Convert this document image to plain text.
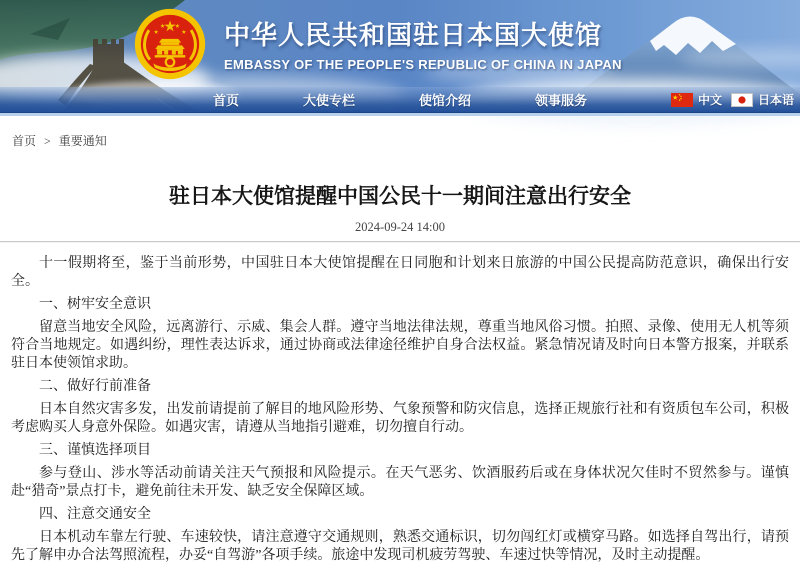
中华人民共和国驻日本国大使馆
EMBASSY OF THE PEOPLE'S REPUBLIC OF CHINA IN JAPAN
首页	大使专栏	使馆介绍	领事服务	中文	日本语
首页 > 重要通知
驻日本大使馆提醒中国公民十一期间注意出行安全
2024-09-24 14:00

十一假期将至，鉴于当前形势，中国驻日本大使馆提醒在日同胞和计划来日旅游的中国公民提高防范意识，确保出行安全。

一、树牢安全意识

留意当地安全风险，远离游行、示威、集会人群。遵守当地法律法规，尊重当地风俗习惯。拍照、录像、使用无人机等须符合当地规定。如遇纠纷，理性表达诉求，通过协商或法律途径维护自身合法权益。紧急情况请及时向日本警方报案，并联系驻日本使领馆求助。

二、做好行前准备

日本自然灾害多发，出发前请提前了解目的地风险形势、气象预警和防灾信息，选择正规旅行社和有资质包车公司，积极考虑购买人身意外保险。如遇灾害，请遵从当地指引避难，切勿擅自行动。

三、谨慎选择项目

参与登山、涉水等活动前请关注天气预报和风险提示。在天气恶劣、饮酒服药后或在身体状况欠佳时不贸然参与。谨慎赴“猎奇”景点打卡，避免前往未开发、缺乏安全保障区域。

四、注意交通安全

日本机动车靠左行驶、车速较快，请注意遵守交通规则，熟悉交通标识，切勿闯红灯或横穿马路。如选择自驾出行，请预先了解申办合法驾照流程，办妥“自驾游”各项手续。旅途中发现司机疲劳驾驶、车速过快等情况，及时主动提醒。
